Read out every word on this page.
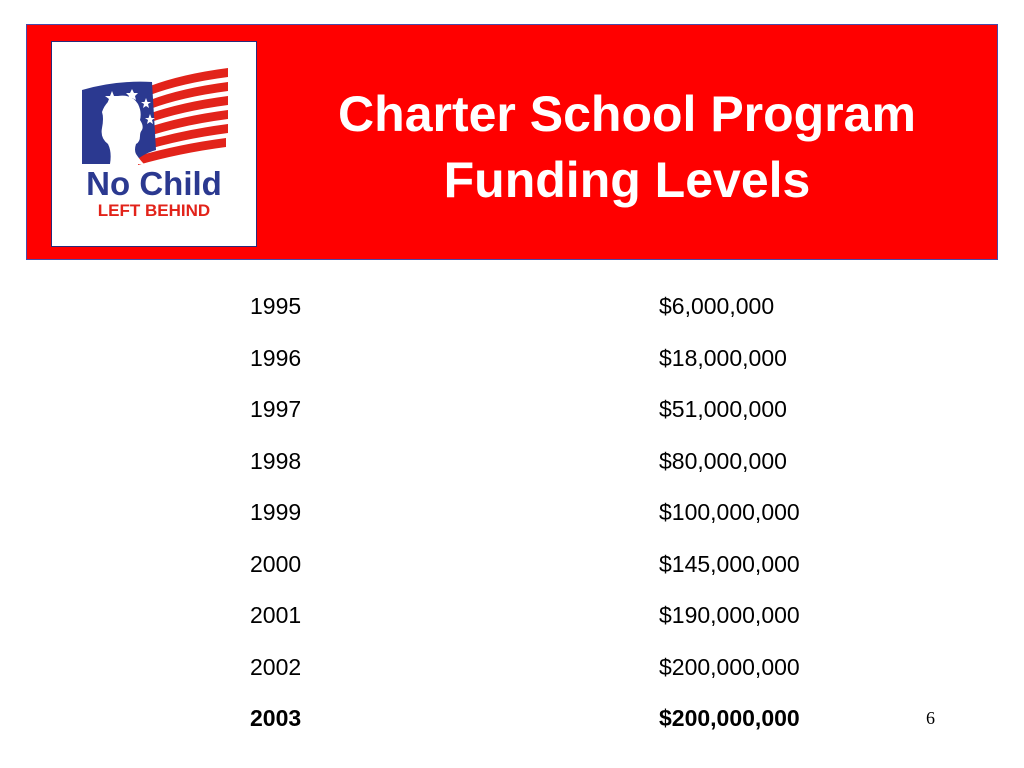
No Child
LEFT BEHIND
Charter School Program
Funding Levels
1995	$6,000,000
1996	$18,000,000
1997	$51,000,000
1998	$80,000,000
1999	$100,000,000
2000	$145,000,000
2001	$190,000,000
2002	$200,000,000
2003	$200,000,000	6
